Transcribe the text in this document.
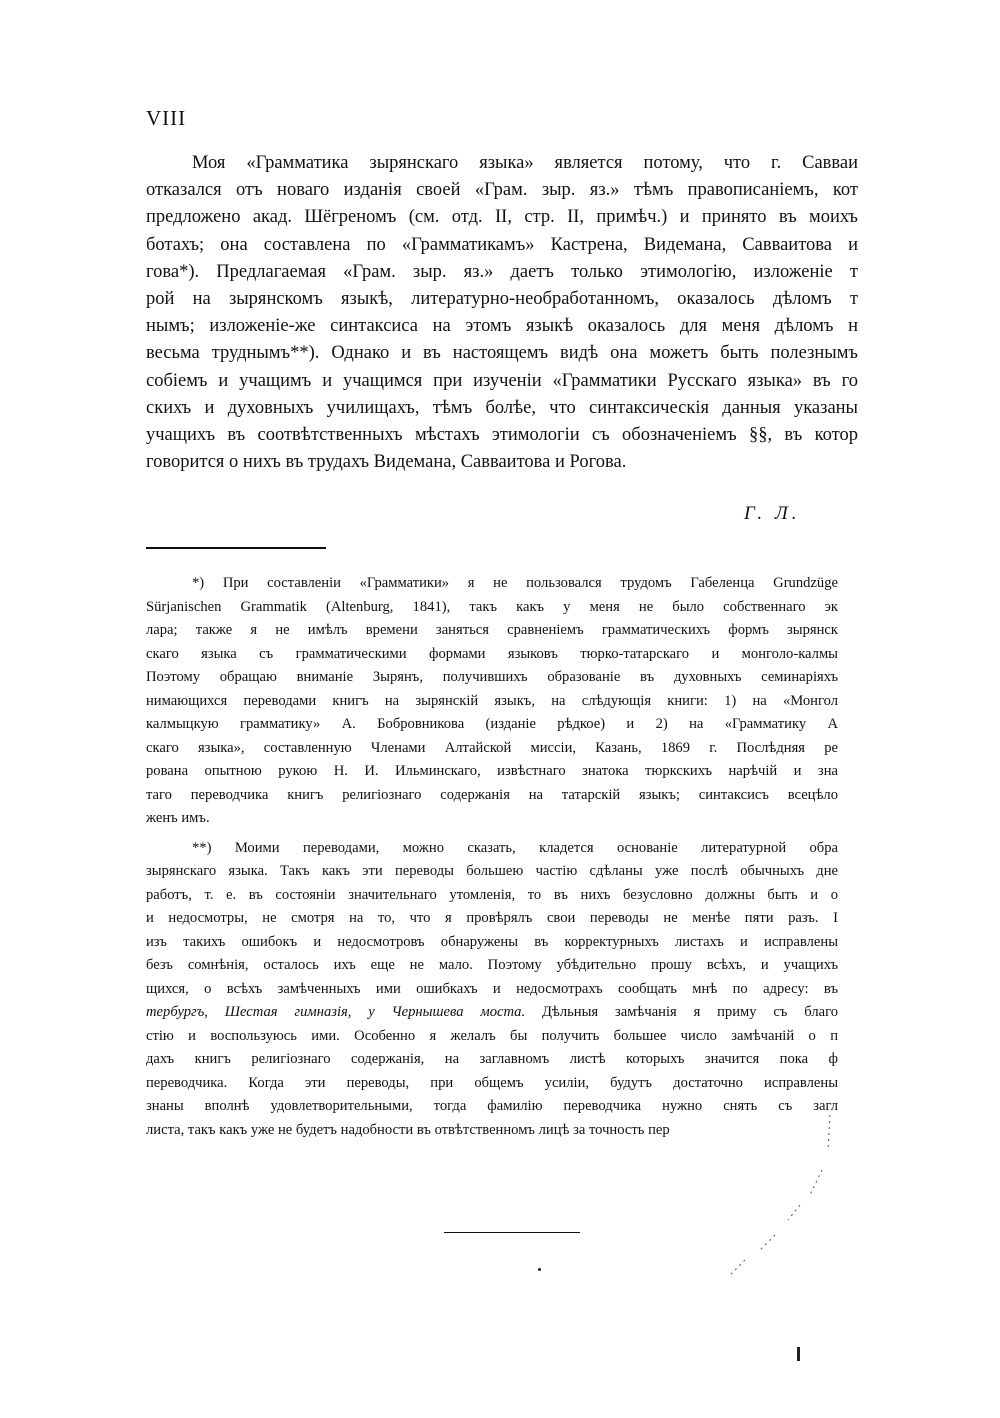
VIII
Моя «Грамматика зырянскаго языка» является потому, что г. Савваи
отказался отъ новаго изданія своей «Грам. зыр. яз.» тѣмъ правописаніемъ, кот
предложено акад. Шёгреномъ (см. отд. II, стр. II, примѣч.) и принято въ моихъ
ботахъ; она составлена по «Грамматикамъ» Кастрена, Видемана, Савваитова и
гова*). Предлагаемая «Грам. зыр. яз.» даетъ только этимологію, изложеніе т
рой на зырянскомъ языкѣ, литературно-необработанномъ, оказалось дѣломъ т
нымъ; изложеніе-же синтаксиса на этомъ языкѣ оказалось для меня дѣломъ н
весьма труднымъ**). Однако и въ настоящемъ видѣ она можетъ быть полезнымъ
собіемъ и учащимъ и учащимся при изученіи «Грамматики Русскаго языка» въ го
скихъ и духовныхъ училищахъ, тѣмъ болѣе, что синтаксическія данныя указаны
учащихъ въ соотвѣтственныхъ мѣстахъ этимологіи съ обозначеніемъ §§, въ котор
говорится о нихъ въ трудахъ Видемана, Савваитова и Рогова.
Г. Л.
*) При составленіи «Грамматики» я не пользовался трудомъ Габеленца Grundzüge
Sürjanischen Grammatik (Altenburg, 1841), такъ какъ у меня не было собственнаго эк
лара; также я не имѣлъ времени заняться сравненіемъ грамматическихъ формъ зырянск
скаго языка съ грамматическими формами языковъ тюрко-татарскаго и монголо-калмы
Поэтому обращаю вниманіе Зырянъ, получившихъ образованіе въ духовныхъ семинаріяхъ
нимающихся переводами книгъ на зырянскій языкъ, на слѣдующія книги: 1) на «Монгол
калмыцкую грамматику» А. Бобровникова (изданіе рѣдкое) и 2) на «Грамматику А
скаго языка», составленную Членами Алтайской миссіи, Казань, 1869 г. Послѣдняя ре
рована опытною рукою Н. И. Ильминскаго, извѣстнаго знатока тюркскихъ нарѣчій и зна
таго переводчика книгъ религіознаго содержанія на татарскій языкъ; синтаксисъ всецѣло
женъ имъ.
**) Моими переводами, можно сказать, кладется основаніе литературной обра
зырянскаго языка. Такъ какъ эти переводы большею частію сдѣланы уже послѣ обычныхъ дне
работъ, т. е. въ состояніи значительнаго утомленія, то въ нихъ безусловно должны быть и о
и недосмотры, не смотря на то, что я провѣрялъ свои переводы не менѣе пяти разъ. I
изъ такихъ ошибокъ и недосмотровъ обнаружены въ корректурныхъ листахъ и исправлены
безъ сомнѣнія, осталось ихъ еще не мало. Поэтому убѣдительно прошу всѣхъ, и учащихъ
щихся, о всѣхъ замѣченныхъ ими ошибкахъ и недосмотрахъ сообщать мнѣ по адресу: въ
тербургъ, Шестая гимназія, у Чернышева моста. Дѣльныя замѣчанія я приму съ благо
стію и воспользуюсь ими. Особенно я желалъ бы получить большее число замѣчаній о п
дахъ книгъ религіознаго содержанія, на заглавномъ листѣ которыхъ значится пока ф
переводчика. Когда эти переводы, при общемъ усиліи, будутъ достаточно исправлены
знаны вполнѣ удовлетворительными, тогда фамилію переводчика нужно снять съ загл
листа, такъ какъ уже не будетъ надобности въ отвѣтственномъ лицѣ за точность пер
